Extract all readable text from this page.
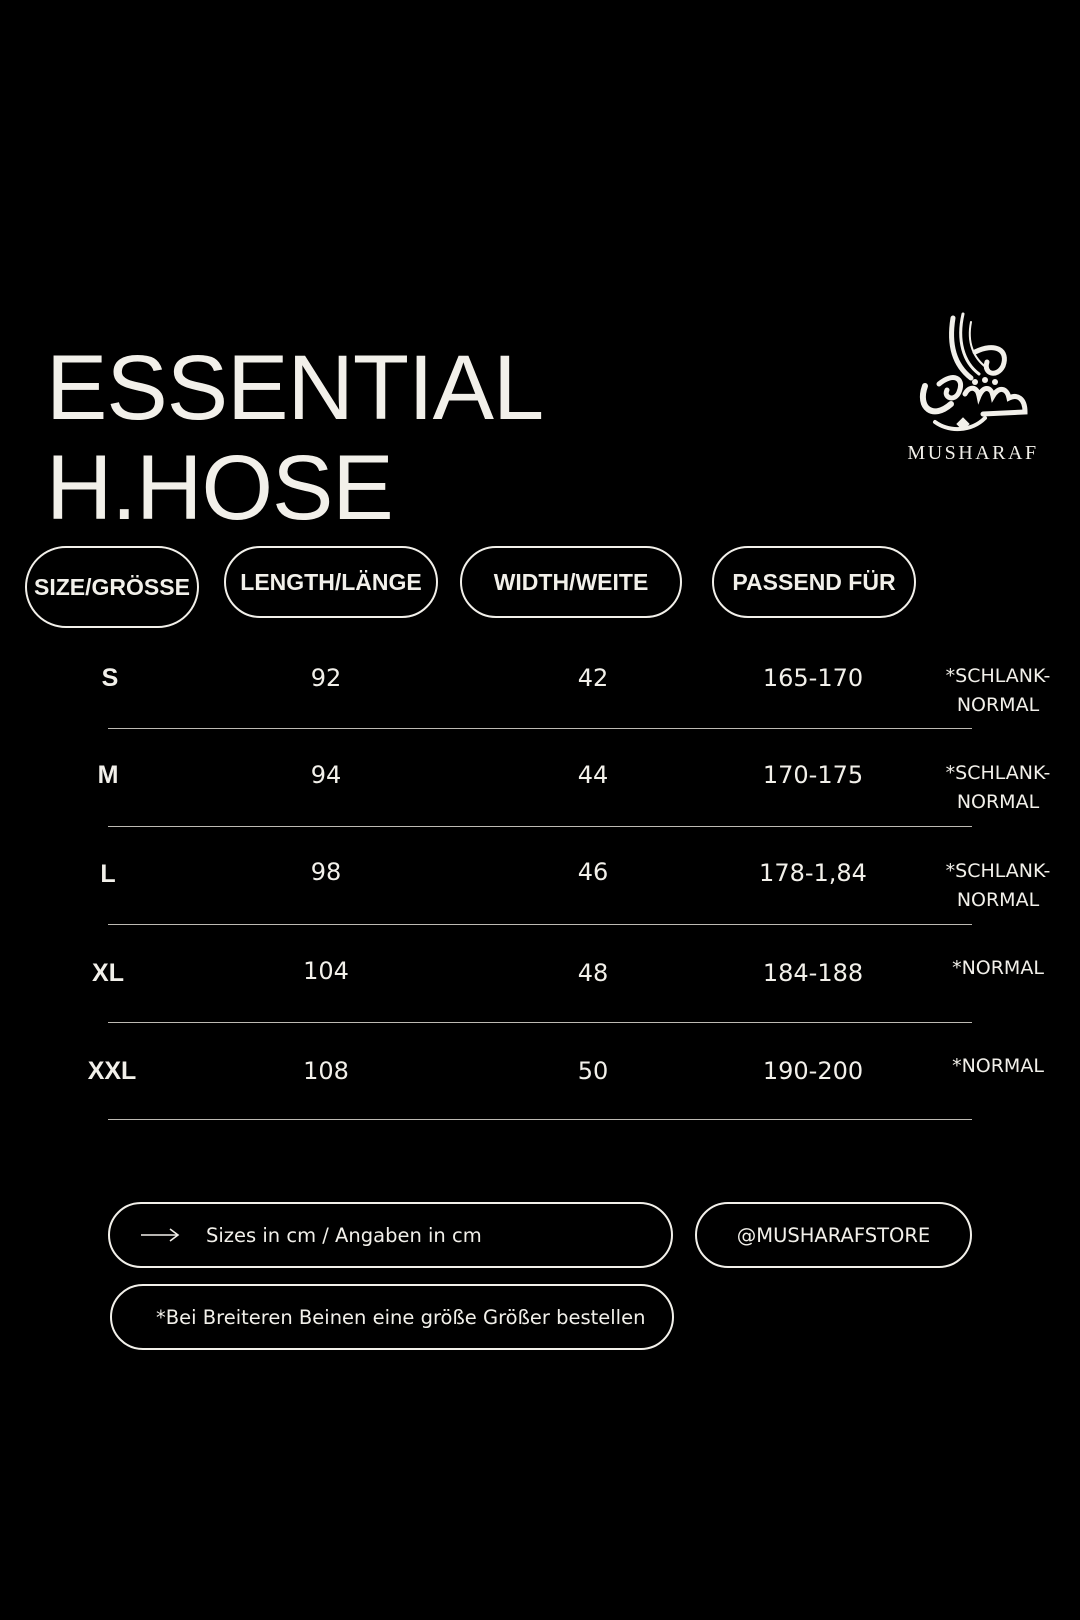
ESSENTIAL
H.HOSE	MUSHARAF
SIZE/GRÖSSE	LENGTH/LÄNGE	WIDTH/WEITE	PASSEND FÜR
S	92	42	165-170	*SCHLANK-NORMAL
M	94	44	170-175	*SCHLANK-NORMAL
L	98	46	178-1,84	*SCHLANK-NORMAL
XL	104	48	184-188	*NORMAL
XXL	108	50	190-200	*NORMAL
Sizes in cm / Angaben in cm	@MUSHARAFSTORE
*Bei Breiteren Beinen eine größe Größer bestellen
